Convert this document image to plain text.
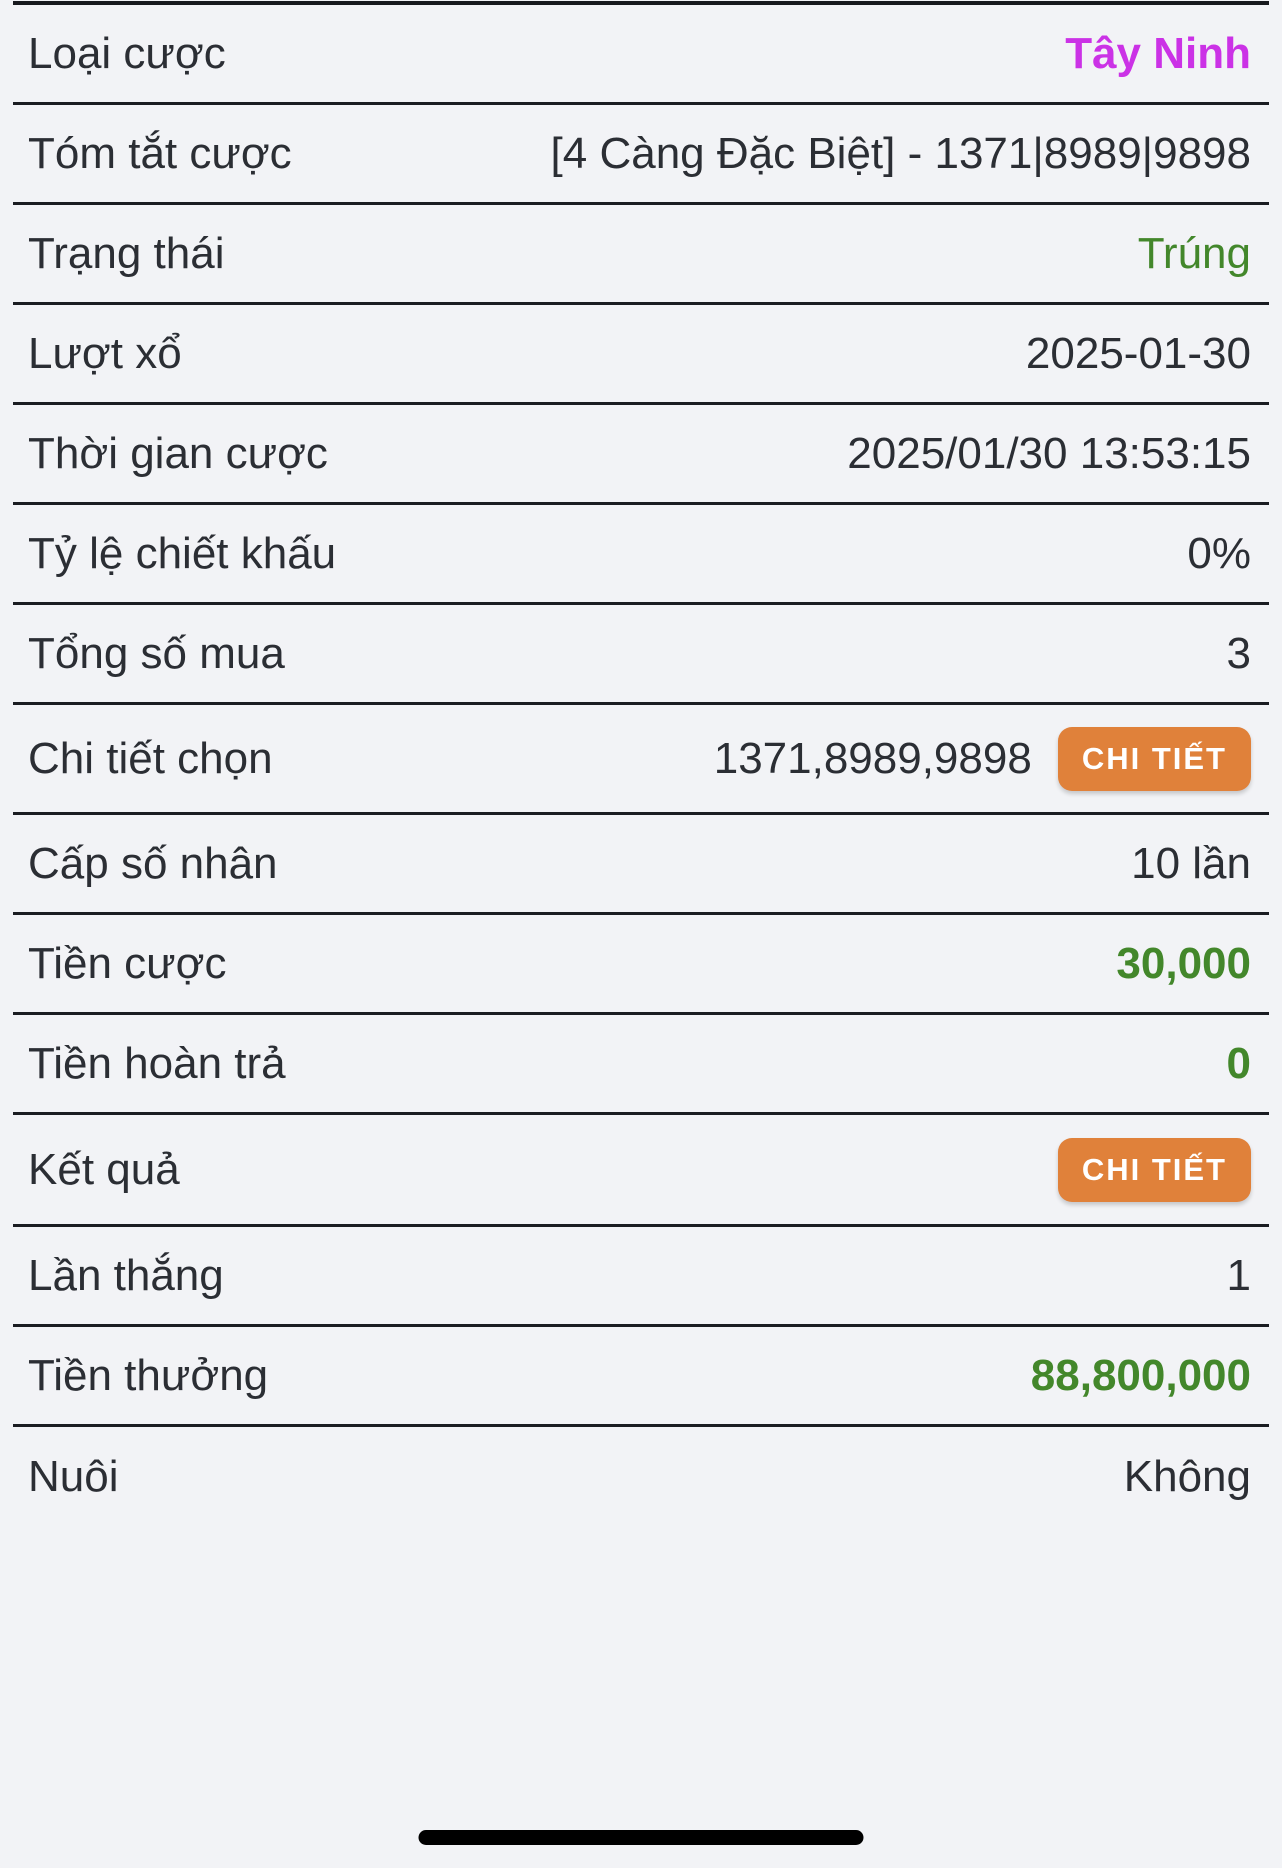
Loại cược	Tây Ninh
Tóm tắt cược	[4 Càng Đặc Biệt] - 1371|8989|9898
Trạng thái	Trúng
Lượt xổ	2025-01-30
Thời gian cược	2025/01/30 13:53:15
Tỷ lệ chiết khấu	0%
Tổng số mua	3
Chi tiết chọn	1371,8989,9898	CHI TIẾT
Cấp số nhân	10 lần
Tiền cược	30,000
Tiền hoàn trả	0
Kết quả	CHI TIẾT
Lần thắng	1
Tiền thưởng	88,800,000
Nuôi	Không
